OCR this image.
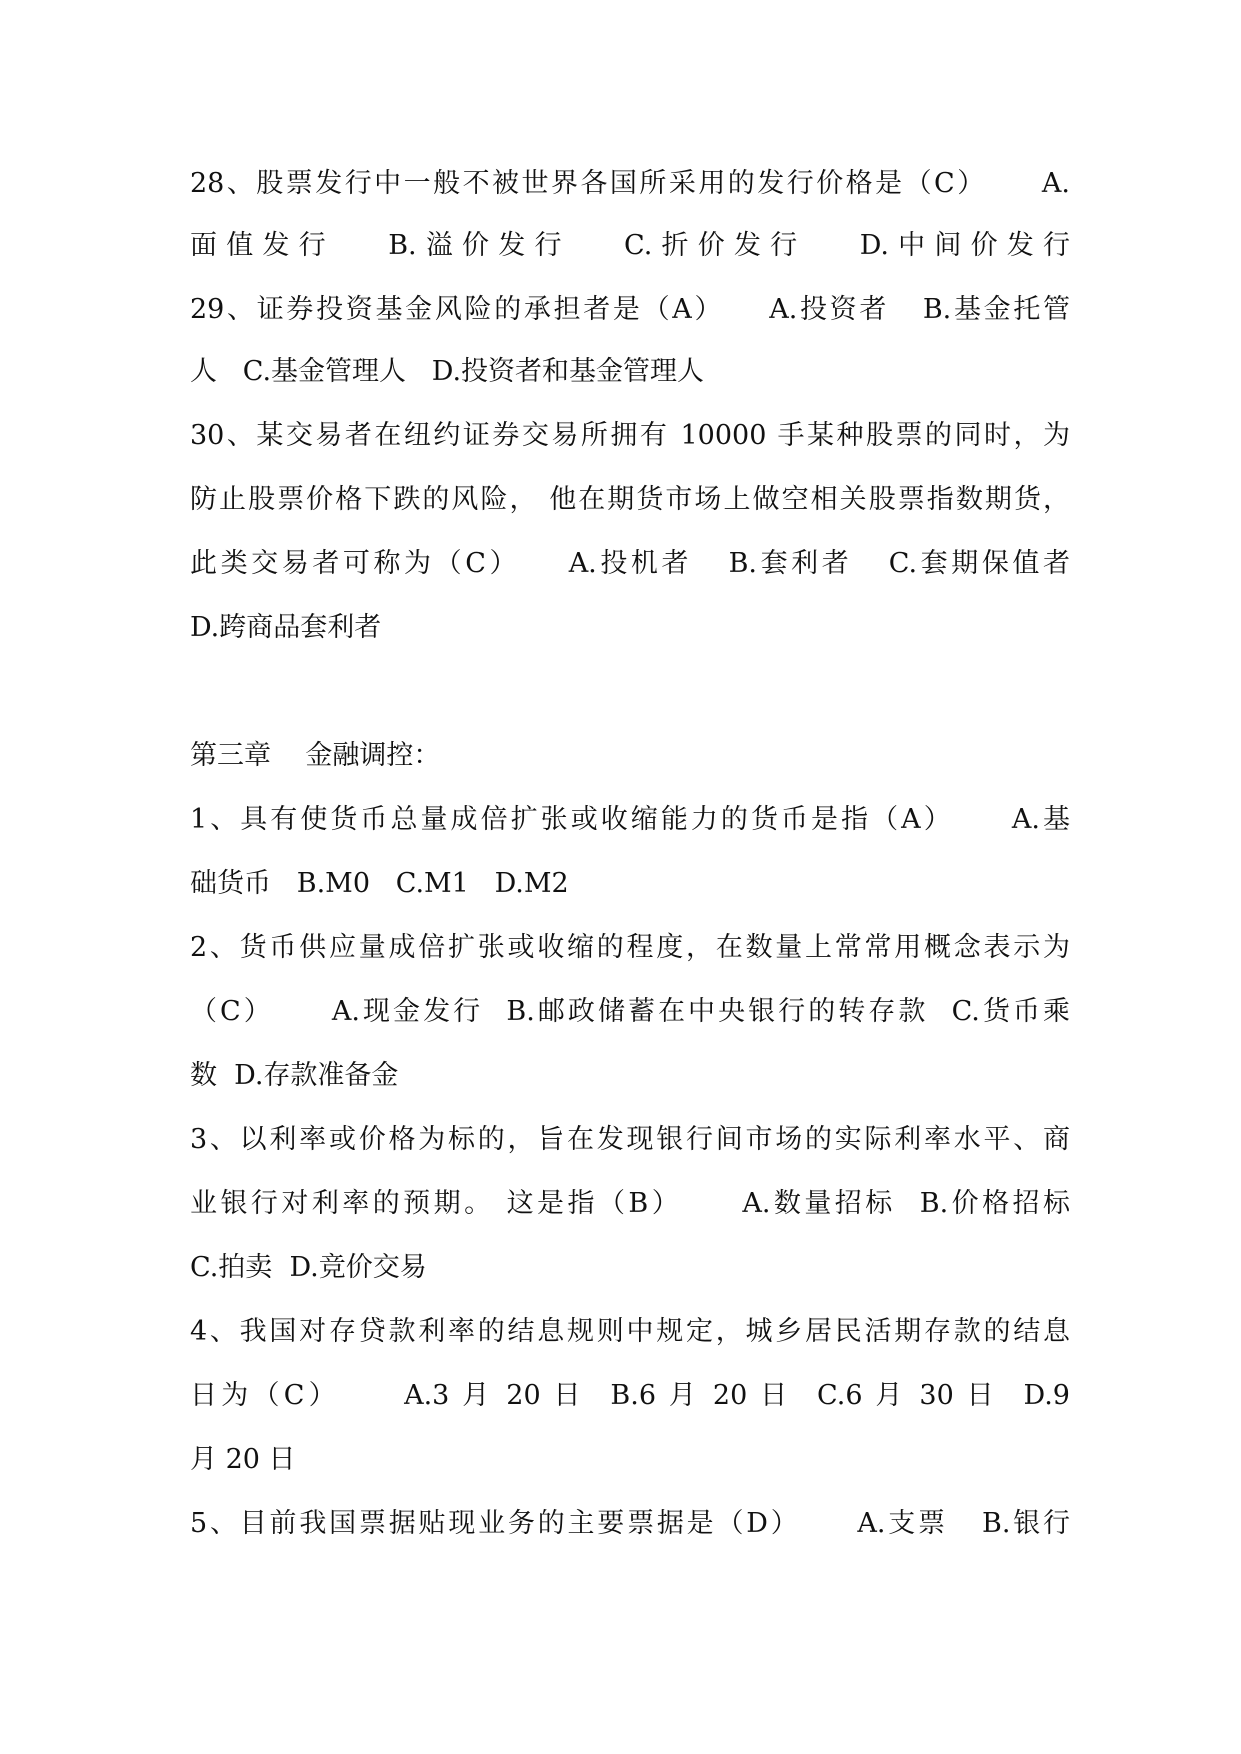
28、股票发行中一般不被世界各国所采用的发行价格是（C）     A.
面值发行   B.溢价发行   C.折价发行   D.中间价发行
29、证券投资基金风险的承担者是（A）    A.投资者   B.基金托管
人   C.基金管理人   D.投资者和基金管理人
30、某交易者在纽约证券交易所拥有 10000 手某种股票的同时，为
防止股票价格下跌的风险， 他在期货市场上做空相关股票指数期货，
此类交易者可称为（C）    A.投机者   B.套利者   C.套期保值者
D.跨商品套利者
第三章    金融调控：
1、具有使货币总量成倍扩张或收缩能力的货币是指（A）     A.基
础货币   B.M0   C.M1   D.M2
2、货币供应量成倍扩张或收缩的程度，在数量上常常用概念表示为
（C）     A.现金发行  B.邮政储蓄在中央银行的转存款  C.货币乘
数  D.存款准备金
3、以利率或价格为标的，旨在发现银行间市场的实际利率水平、商
业银行对利率的预期。 这是指（B）     A.数量招标  B.价格招标
C.拍卖  D.竞价交易
4、我国对存贷款利率的结息规则中规定，城乡居民活期存款的结息
日为（C）     A.3 月 20 日  B.6 月 20 日  C.6 月 30 日  D.9
月 20 日
5、目前我国票据贴现业务的主要票据是（D）     A.支票   B.银行
